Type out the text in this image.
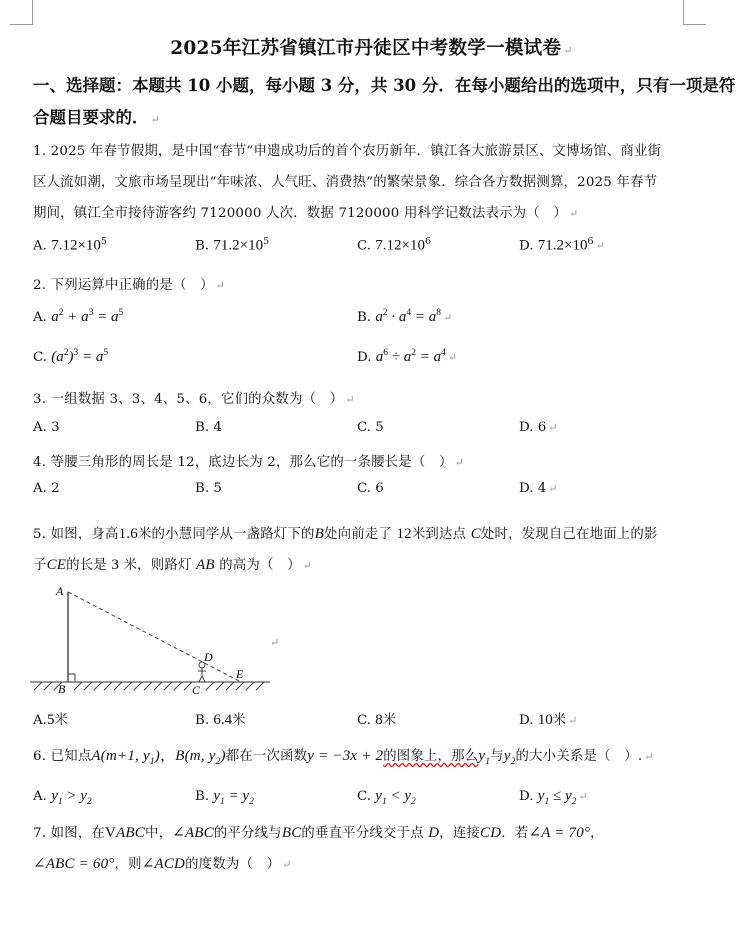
2025年江苏省镇江市丹徒区中考数学一模试卷 ↵
一、选择题：本题共 10 小题，每小题 3 分，共 30 分．在每小题给出的选项中，只有一项是符
合题目要求的． ↵
1. 2025 年春节假期，是中国“春节”申遗成功后的首个农历新年．镇江各大旅游景区、文博场馆、商业街
区人流如潮，文旅市场呈现出“年味浓、人气旺、消费热”的繁荣景象．综合各方数据测算，2025 年春节
期间，镇江全市接待游客约 7120000 人次．数据 7120000 用科学记数法表示为（　） ↵
A. $7.12\times 10^5$	B. $71.2\times 10^5$	C. $7.12\times 10^6$	D. $71.2\times 10^6$ ↵
2. 下列运算中正确的是（　） ↵
A. $a^2 + a^3 = a^5$	B. $a^2 \cdot a^4 = a^8$ ↵
C. $(a^2)^3 = a^5$	D. $a^6 \div a^2 = a^4$ ↵
3. 一组数据 3、3、4、5、6，它们的众数为（　） ↵
A. 3	B. 4	C. 5	D. 6 ↵
4. 等腰三角形的周长是 12，底边长为 2，那么它的一条腰长是（　） ↵
A. 2	B. 5	C. 6	D. 4 ↵
5. 如图，身高1.6米的小慧同学从一盏路灯下的B处向前走了 12米到达点 C处时，发现自己在地面上的影
子CE的长是 3 米，则路灯 AB 的高为（　） ↵
A
B
D
C
E
↵
A.5米	B. 6.4米	C. 8米	D. 10米 ↵
6. 已知点A(m+1, $y_1$)，B(m, $y_2$)都在一次函数y = −3x + 2的图象上，那么$y_1$与$y_2$的大小关系是（　）. ↵
A. $y_1 > y_2$	B. $y_1 = y_2$	C. $y_1 < y_2$	D. $y_1 \le y_2$ ↵
7. 如图，在VABC中，∠ABC的平分线与BC的垂直平分线交于点 D，连接CD．若∠A = 70°，
∠ABC = 60°，则∠ACD的度数为（　） ↵
